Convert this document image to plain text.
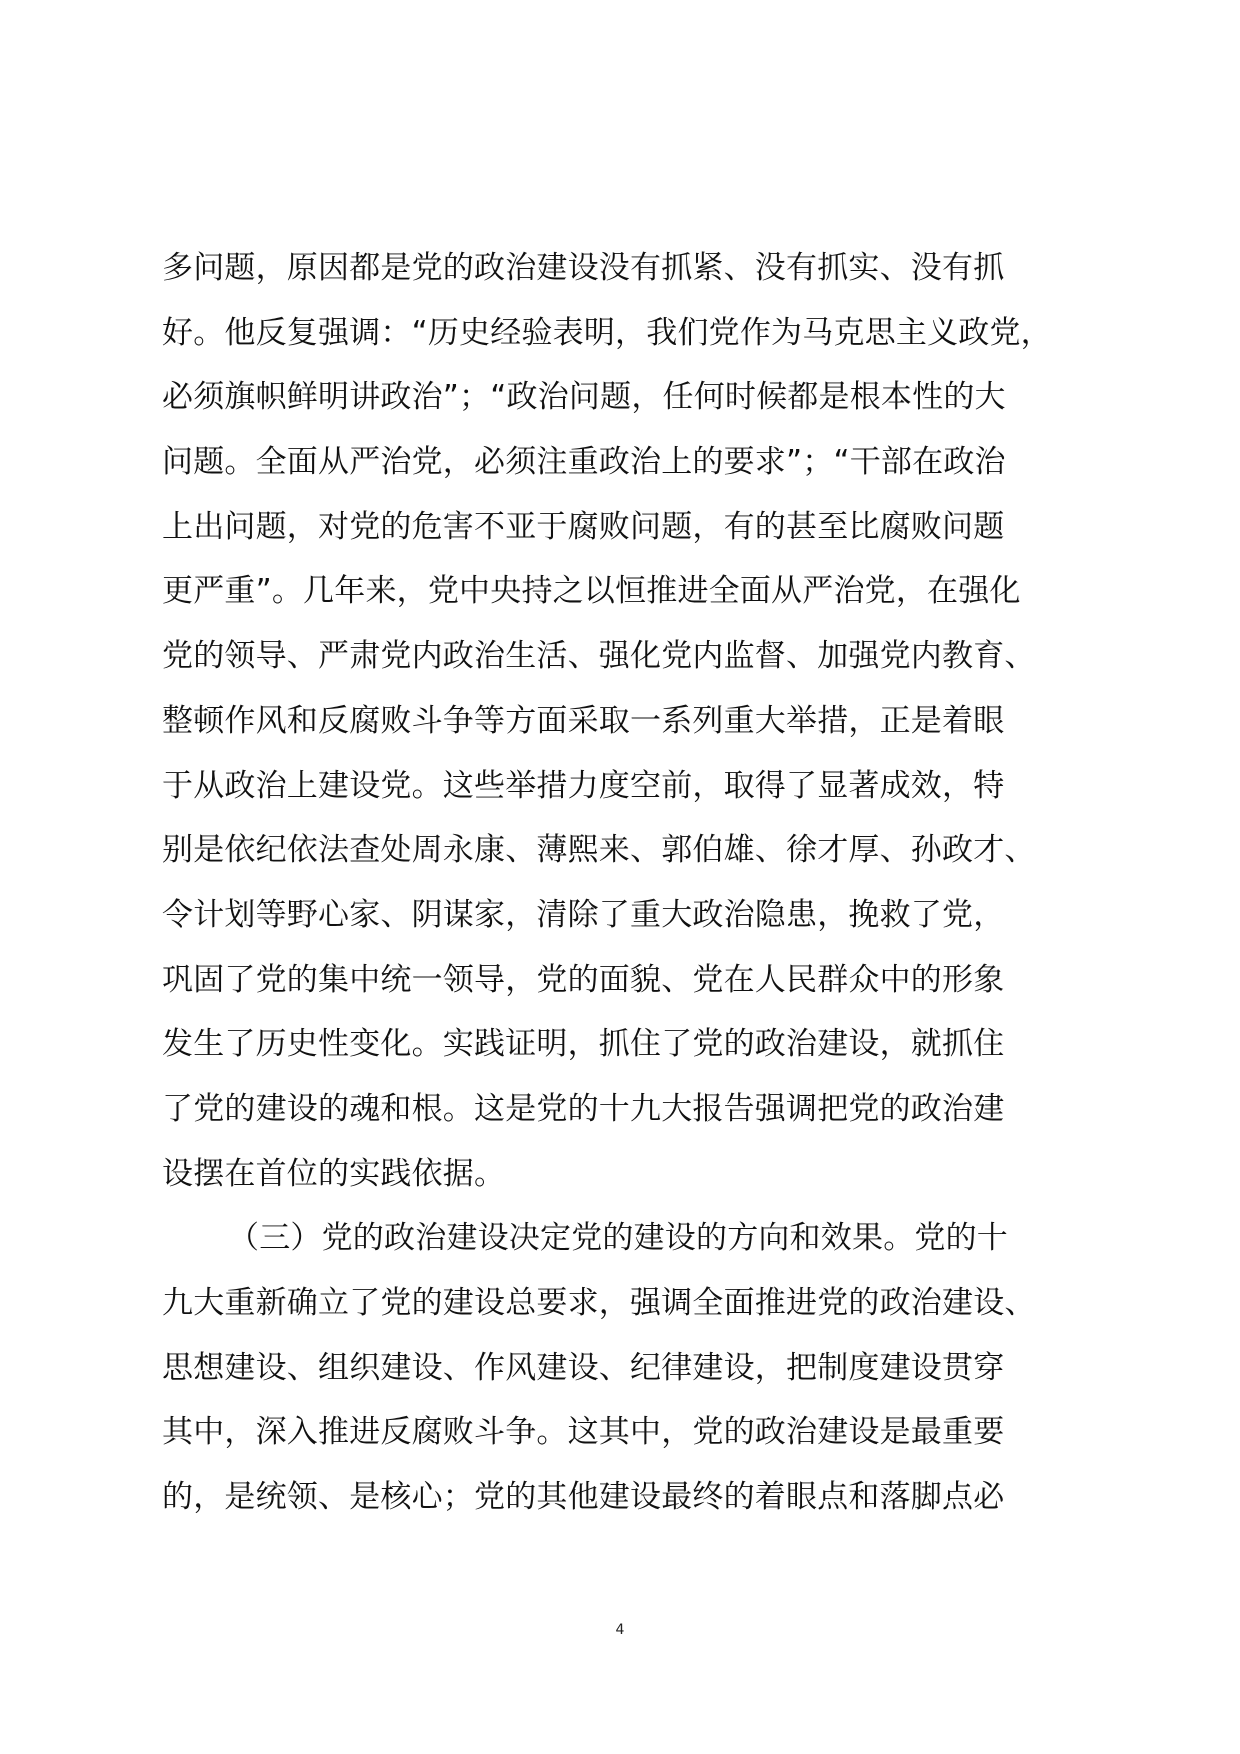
多问题，原因都是党的政治建设没有抓紧、没有抓实、没有抓
好。他反复强调：“历史经验表明，我们党作为马克思主义政党，
必须旗帜鲜明讲政治”；“政治问题，任何时候都是根本性的大
问题。全面从严治党，必须注重政治上的要求”；“干部在政治
上出问题，对党的危害不亚于腐败问题，有的甚至比腐败问题
更严重”。几年来，党中央持之以恒推进全面从严治党，在强化
党的领导、严肃党内政治生活、强化党内监督、加强党内教育、
整顿作风和反腐败斗争等方面采取一系列重大举措，正是着眼
于从政治上建设党。这些举措力度空前，取得了显著成效，特
别是依纪依法查处周永康、薄熙来、郭伯雄、徐才厚、孙政才、
令计划等野心家、阴谋家，清除了重大政治隐患，挽救了党，
巩固了党的集中统一领导，党的面貌、党在人民群众中的形象
发生了历史性变化。实践证明，抓住了党的政治建设，就抓住
了党的建设的魂和根。这是党的十九大报告强调把党的政治建
设摆在首位的实践依据。
（三）党的政治建设决定党的建设的方向和效果。党的十
九大重新确立了党的建设总要求，强调全面推进党的政治建设、
思想建设、组织建设、作风建设、纪律建设，把制度建设贯穿
其中，深入推进反腐败斗争。这其中，党的政治建设是最重要
的，是统领、是核心；党的其他建设最终的着眼点和落脚点必
4
